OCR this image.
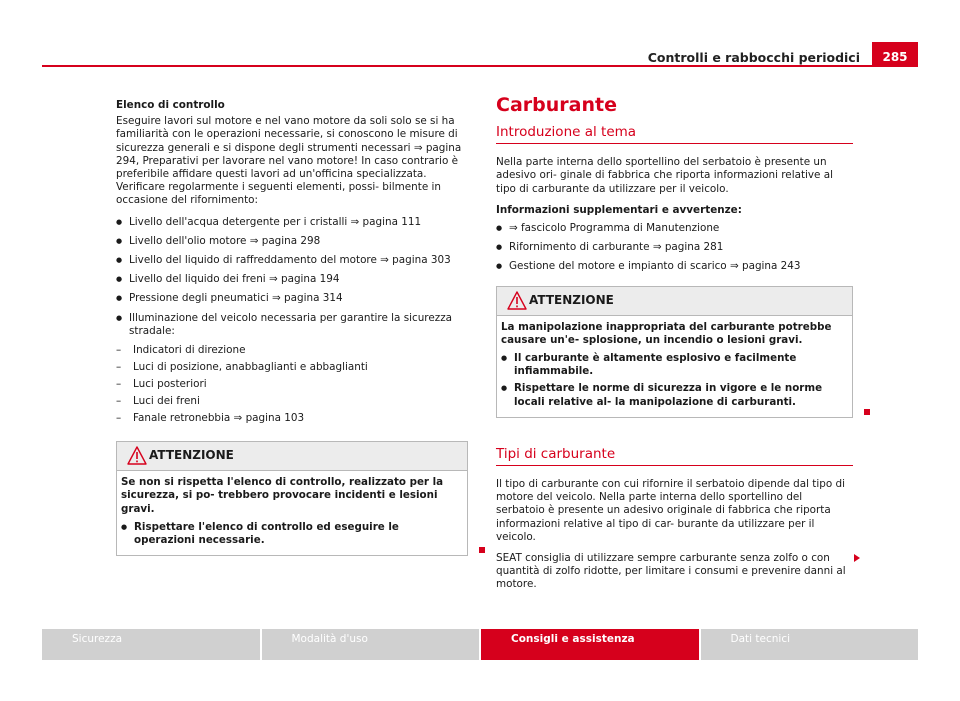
Controlli e rabbocchi periodici	285

Elenco di controllo

Eseguire lavori sul motore e nel vano motore da soli solo se si ha familiarità con le operazioni necessarie, si conoscono le misure di sicurezza generali e si dispone degli strumenti necessari ⇒ pagina 294, Preparativi per lavorare nel vano motore! In caso contrario è preferibile affidare questi lavori ad un'officina specializzata. Verificare regolarmente i seguenti elementi, possi- bilmente in occasione del rifornimento:

● Livello dell'acqua detergente per i cristalli ⇒ pagina 111
● Livello dell'olio motore ⇒ pagina 298
● Livello del liquido di raffreddamento del motore ⇒ pagina 303
● Livello del liquido dei freni ⇒ pagina 194
● Pressione degli pneumatici ⇒ pagina 314
● Illuminazione del veicolo necessaria per garantire la sicurezza stradale:
– Indicatori di direzione
– Luci di posizione, anabbaglianti e abbaglianti
– Luci posteriori
– Luci dei freni
– Fanale retronebbia ⇒ pagina 103
ATTENZIONE

Se non si rispetta l'elenco di controllo, realizzato per la sicurezza, si po- trebbero provocare incidenti e lesioni gravi.

● Rispettare l'elenco di controllo ed eseguire le operazioni necessarie.
Carburante
Introduzione al tema

Nella parte interna dello sportellino del serbatoio è presente un adesivo ori- ginale di fabbrica che riporta informazioni relative al tipo di carburante da utilizzare per il veicolo.

Informazioni supplementari e avvertenze:

● ⇒ fascicolo Programma di Manutenzione
● Rifornimento di carburante ⇒ pagina 281
● Gestione del motore e impianto di scarico ⇒ pagina 243
ATTENZIONE

La manipolazione inappropriata del carburante potrebbe causare un'e- splosione, un incendio o lesioni gravi.

● Il carburante è altamente esplosivo e facilmente infiammabile.
● Rispettare le norme di sicurezza in vigore e le norme locali relative al- la manipolazione di carburanti.
Tipi di carburante

Il tipo di carburante con cui rifornire il serbatoio dipende dal tipo di motore del veicolo. Nella parte interna dello sportellino del serbatoio è presente un adesivo originale di fabbrica che riporta informazioni relative al tipo di car- burante da utilizzare per il veicolo.

SEAT consiglia di utilizzare sempre carburante senza zolfo o con quantità di zolfo ridotte, per limitare i consumi e prevenire danni al motore.

Sicurezza	Modalità d'uso	Consigli e assistenza	Dati tecnici
